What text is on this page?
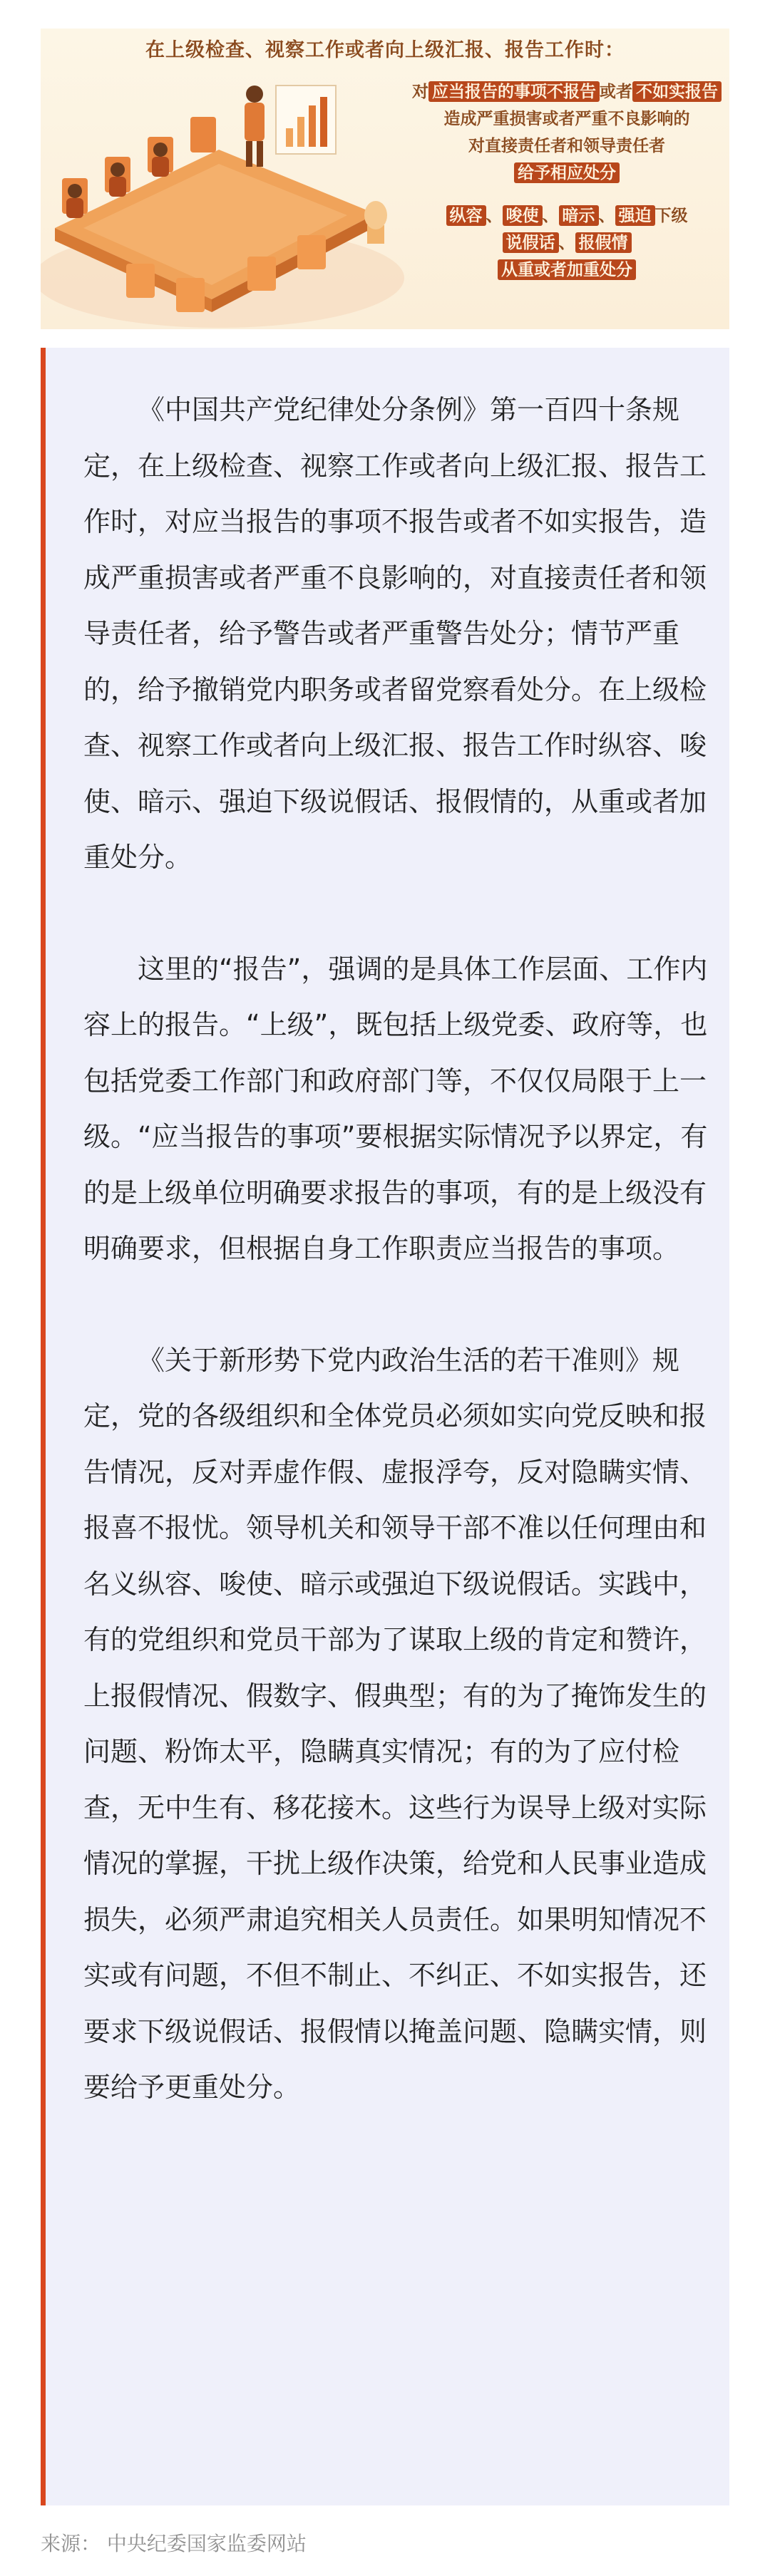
在上级检查、视察工作或者向上级汇报、报告工作时：
对 应当报告的事项不报告 或者 不如实报告
造成严重损害或者严重不良影响的
对直接责任者和领导责任者
给予相应处分
纵容 、 唆使 、 暗示 、 强迫 下级
说假话 、 报假情
从重或者加重处分

《中国共产党纪律处分条例》第一百四十条规定，在上级检查、视察工作或者向上级汇报、报告工作时，对应当报告的事项不报告或者不如实报告，造成严重损害或者严重不良影响的，对直接责任者和领导责任者，给予警告或者严重警告处分；情节严重的，给予撤销党内职务或者留党察看处分。在上级检查、视察工作或者向上级汇报、报告工作时纵容、唆使、暗示、强迫下级说假话、报假情的，从重或者加重处分。

这里的“报告”，强调的是具体工作层面、工作内容上的报告。“上级”，既包括上级党委、政府等，也包括党委工作部门和政府部门等，不仅仅局限于上一级。“应当报告的事项”要根据实际情况予以界定，有的是上级单位明确要求报告的事项，有的是上级没有明确要求，但根据自身工作职责应当报告的事项。

《关于新形势下党内政治生活的若干准则》规定，党的各级组织和全体党员必须如实向党反映和报告情况，反对弄虚作假、虚报浮夸，反对隐瞒实情、报喜不报忧。领导机关和领导干部不准以任何理由和名义纵容、唆使、暗示或强迫下级说假话。实践中，有的党组织和党员干部为了谋取上级的肯定和赞许，上报假情况、假数字、假典型；有的为了掩饰发生的问题、粉饰太平，隐瞒真实情况；有的为了应付检查，无中生有、移花接木。这些行为误导上级对实际情况的掌握，干扰上级作决策，给党和人民事业造成损失，必须严肃追究相关人员责任。如果明知情况不实或有问题，不但不制止、不纠正、不如实报告，还要求下级说假话、报假情以掩盖问题、隐瞒实情，则要给予更重处分。

来源： 中央纪委国家监委网站
